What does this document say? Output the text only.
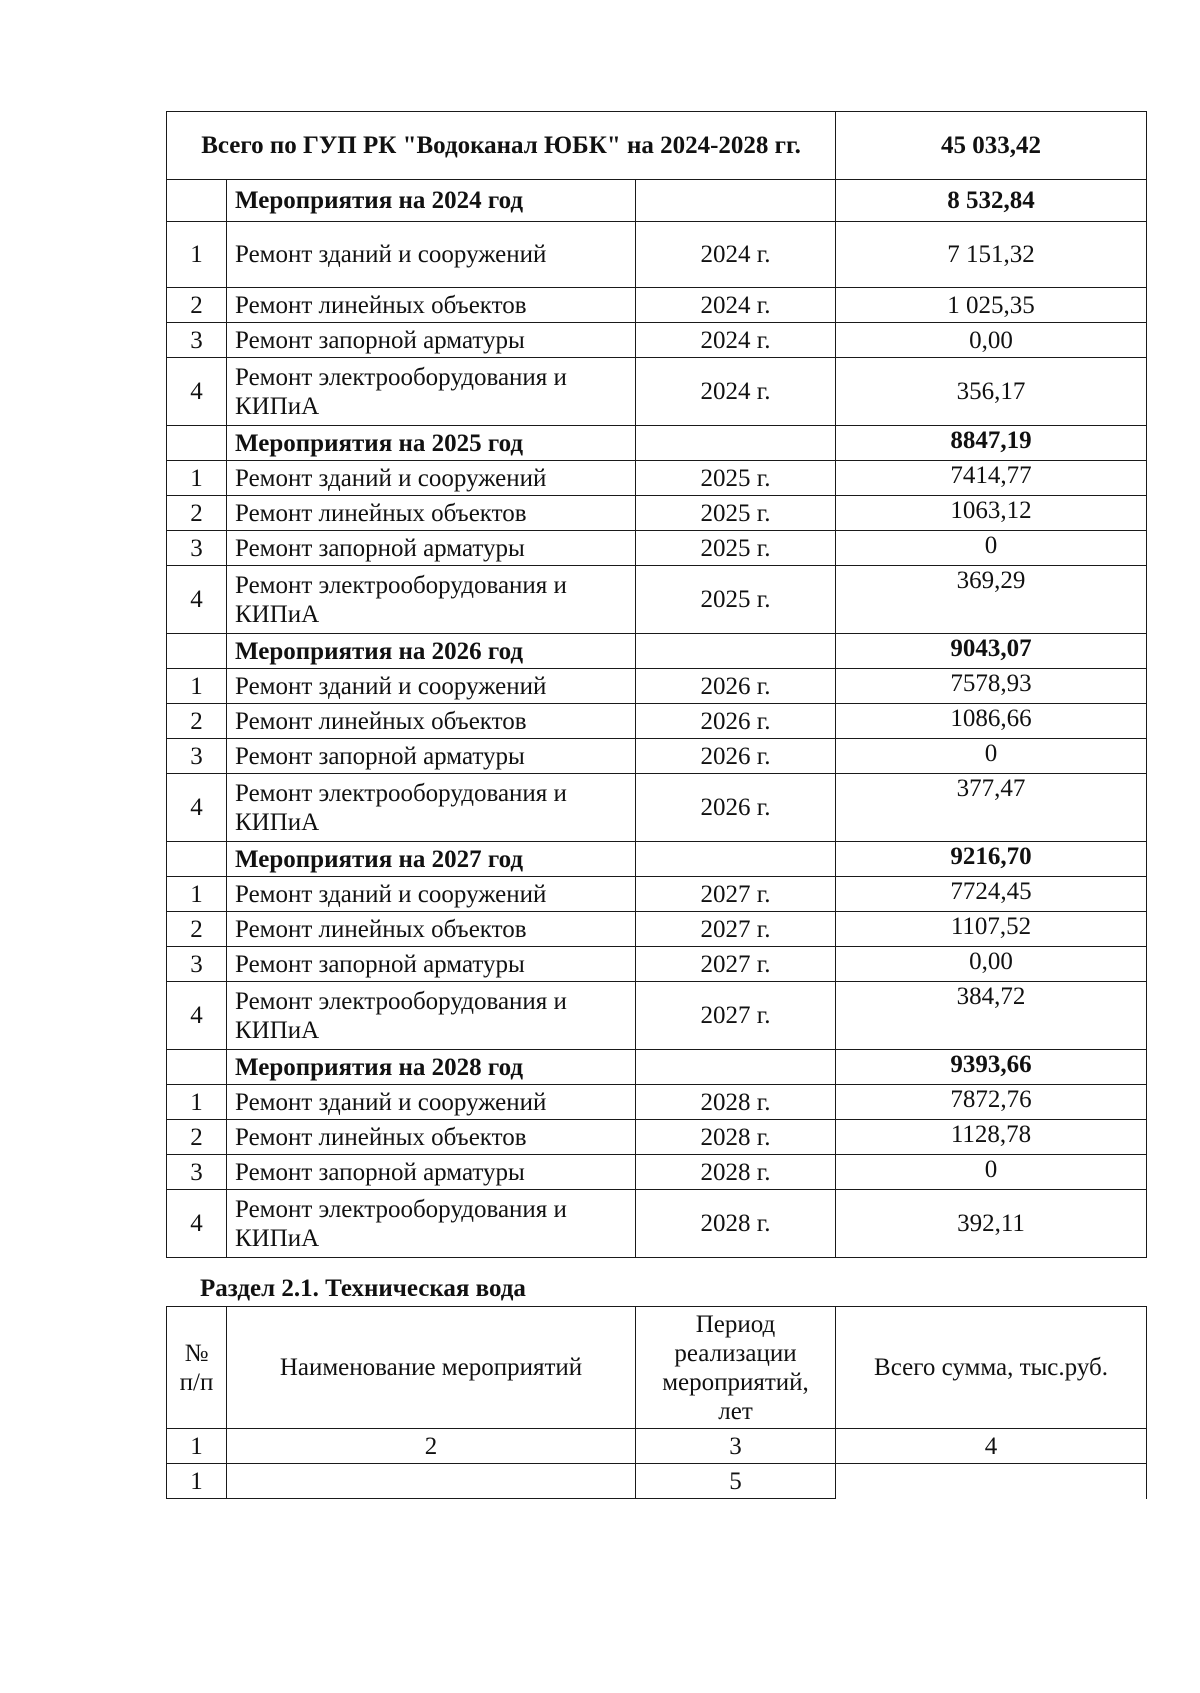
Всего по ГУП РК "Водоканал ЮБК" на 2024-2028 гг.			45 033,42
	Мероприятия на 2024 год		8 532,84
1	Ремонт зданий и сооружений	2024 г.	7 151,32
2	Ремонт линейных объектов	2024 г.	1 025,35
3	Ремонт запорной арматуры	2024 г.	0,00
4	Ремонт электрооборудования и КИПиА	2024 г.	356,17
	Мероприятия на 2025 год		8847,19
1	Ремонт зданий и сооружений	2025 г.	7414,77
2	Ремонт линейных объектов	2025 г.	1063,12
3	Ремонт запорной арматуры	2025 г.	0
4	Ремонт электрооборудования и КИПиА	2025 г.	369,29
	Мероприятия на 2026 год		9043,07
1	Ремонт зданий и сооружений	2026 г.	7578,93
2	Ремонт линейных объектов	2026 г.	1086,66
3	Ремонт запорной арматуры	2026 г.	0
4	Ремонт электрооборудования и КИПиА	2026 г.	377,47
	Мероприятия на 2027 год		9216,70
1	Ремонт зданий и сооружений	2027 г.	7724,45
2	Ремонт линейных объектов	2027 г.	1107,52
3	Ремонт запорной арматуры	2027 г.	0,00
4	Ремонт электрооборудования и КИПиА	2027 г.	384,72
	Мероприятия на 2028 год		9393,66
1	Ремонт зданий и сооружений	2028 г.	7872,76
2	Ремонт линейных объектов	2028 г.	1128,78
3	Ремонт запорной арматуры	2028 г.	0
4	Ремонт электрооборудования и КИПиА	2028 г.	392,11
Раздел 2.1. Техническая вода
№ п/п	Наименование мероприятий	Период реализации мероприятий, лет	Всего сумма, тыс.руб.
1	2	3	4
1		5	
